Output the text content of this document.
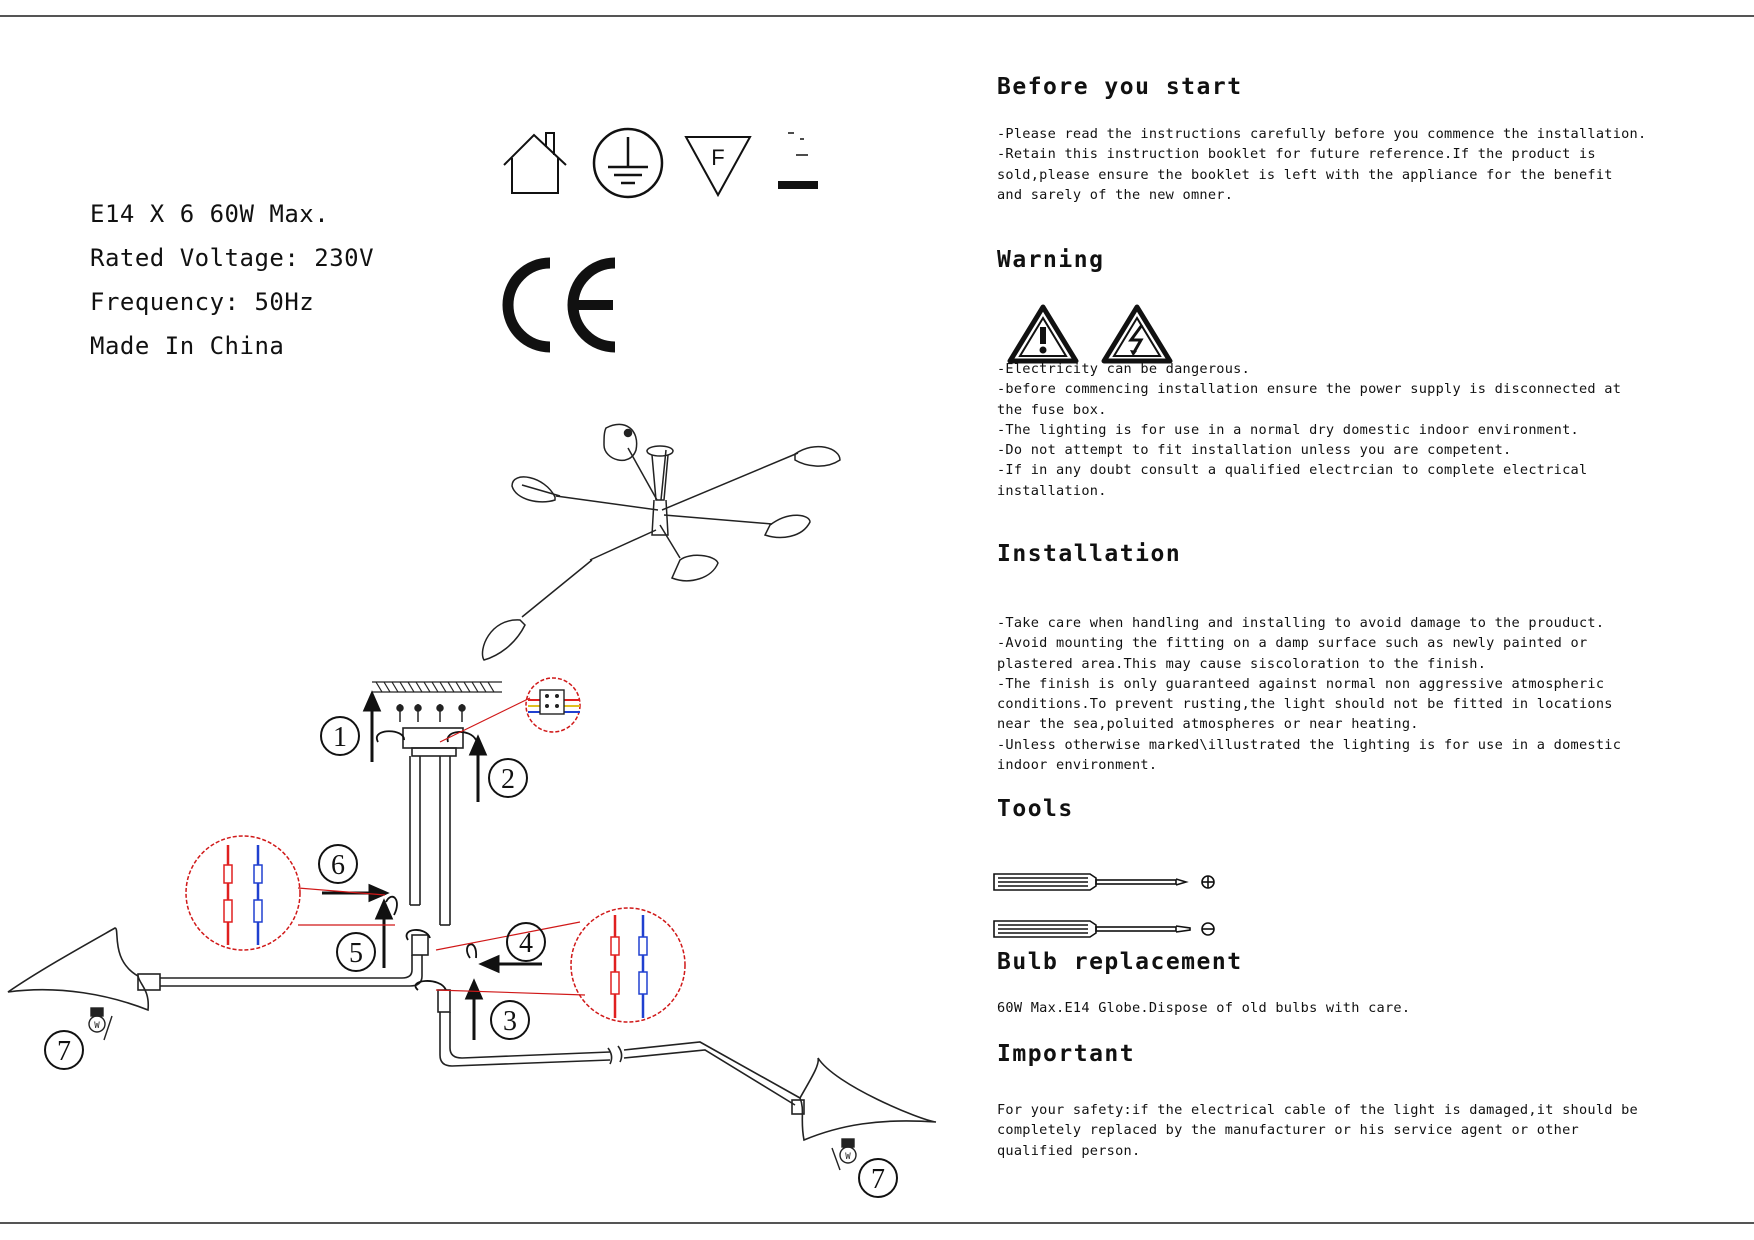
E14 X 6 60W Max.
Rated Voltage: 230V
Frequency: 50Hz
Made In China
F
Before you start
-Please read the instructions carefully before you commence the installation.
-Retain this instruction booklet for future reference.If the product is
sold,please ensure the booklet is left with the appliance for the benefit
and sarely of the new omner.
Warning
-Electricity can be dangerous.
-before commencing installation ensure the power supply is disconnected at
the fuse box.
-The lighting is for use in a normal dry domestic indoor environment.
-Do not attempt to fit installation unless you are competent.
-If in any doubt consult a qualified electrcian to complete electrical
installation.
Installation
-Take care when handling and installing to avoid damage to the prouduct.
-Avoid mounting the fitting on a damp surface such as newly painted or
plastered area.This may cause siscoloration to the finish.
-The finish is only guaranteed against normal non aggressive atmospheric
conditions.To prevent rusting,the light should not be fitted in locations
near the sea,poluited atmospheres or near heating.
-Unless otherwise marked\illustrated the lighting is for use in a domestic
indoor environment.
Tools
Bulb replacement
60W Max.E14 Globe.Dispose of old bulbs with care.
Important
For your safety:if the electrical cable of the light is damaged,it should be
completely replaced by the manufacturer or his service agent or other
qualified person.
W
W
1
2
3
4
5
6
7
7
